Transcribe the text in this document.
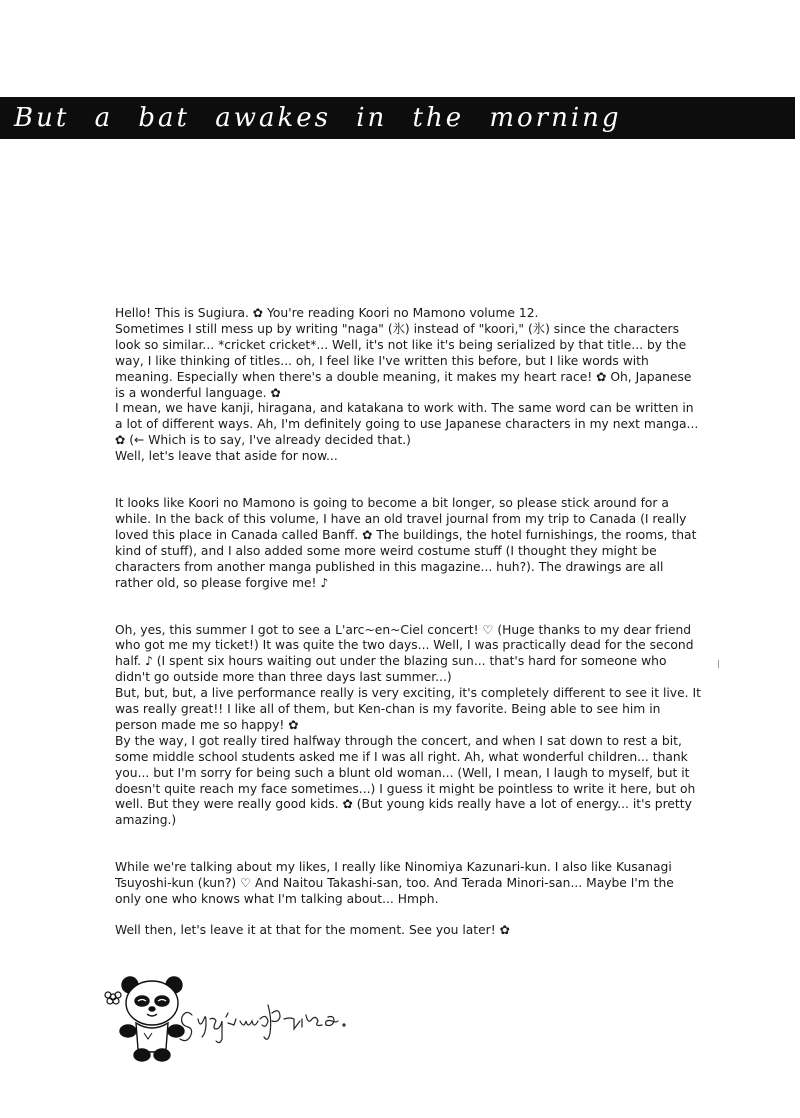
But a bat awakes in the morning

Hello! This is Sugiura. ✿ You're reading Koori no Mamono volume 12.

Sometimes I still mess up by writing "naga" (氷) instead of "koori," (氷) since the characters look so similar... *cricket cricket*... Well, it's not like it's being serialized by that title... by the way, I like thinking of titles... oh, I feel like I've written this before, but I like words with meaning. Especially when there's a double meaning, it makes my heart race! ✿ Oh, Japanese is a wonderful language. ✿

I mean, we have kanji, hiragana, and katakana to work with. The same word can be written in a lot of different ways. Ah, I'm definitely going to use Japanese characters in my next manga... ✿ (← Which is to say, I've already decided that.)

Well, let's leave that aside for now...

It looks like Koori no Mamono is going to become a bit longer, so please stick around for a while. In the back of this volume, I have an old travel journal from my trip to Canada (I really loved this place in Canada called Banff. ✿ The buildings, the hotel furnishings, the rooms, that kind of stuff), and I also added some more weird costume stuff (I thought they might be characters from another manga published in this magazine... huh?). The drawings are all rather old, so please forgive me! ♪

Oh, yes, this summer I got to see a L'arc~en~Ciel concert! ♡ (Huge thanks to my dear friend who got me my ticket!) It was quite the two days... Well, I was practically dead for the second half. ♪ (I spent six hours waiting out under the blazing sun... that's hard for someone who didn't go outside more than three days last summer...)

But, but, but, a live performance really is very exciting, it's completely different to see it live. It was really great!! I like all of them, but Ken-chan is my favorite. Being able to see him in person made me so happy! ✿

By the way, I got really tired halfway through the concert, and when I sat down to rest a bit, some middle school students asked me if I was all right. Ah, what wonderful children... thank you... but I'm sorry for being such a blunt old woman... (Well, I mean, I laugh to myself, but it doesn't quite reach my face sometimes...) I guess it might be pointless to write it here, but oh well. But they were really good kids. ✿ (But young kids really have a lot of energy... it's pretty amazing.)

While we're talking about my likes, I really like Ninomiya Kazunari-kun. I also like Kusanagi Tsuyoshi-kun (kun?) ♡ And Naitou Takashi-san, too. And Terada Minori-san... Maybe I'm the only one who knows what I'm talking about... Hmph.

Well then, let's leave it at that for the moment. See you later! ✿
